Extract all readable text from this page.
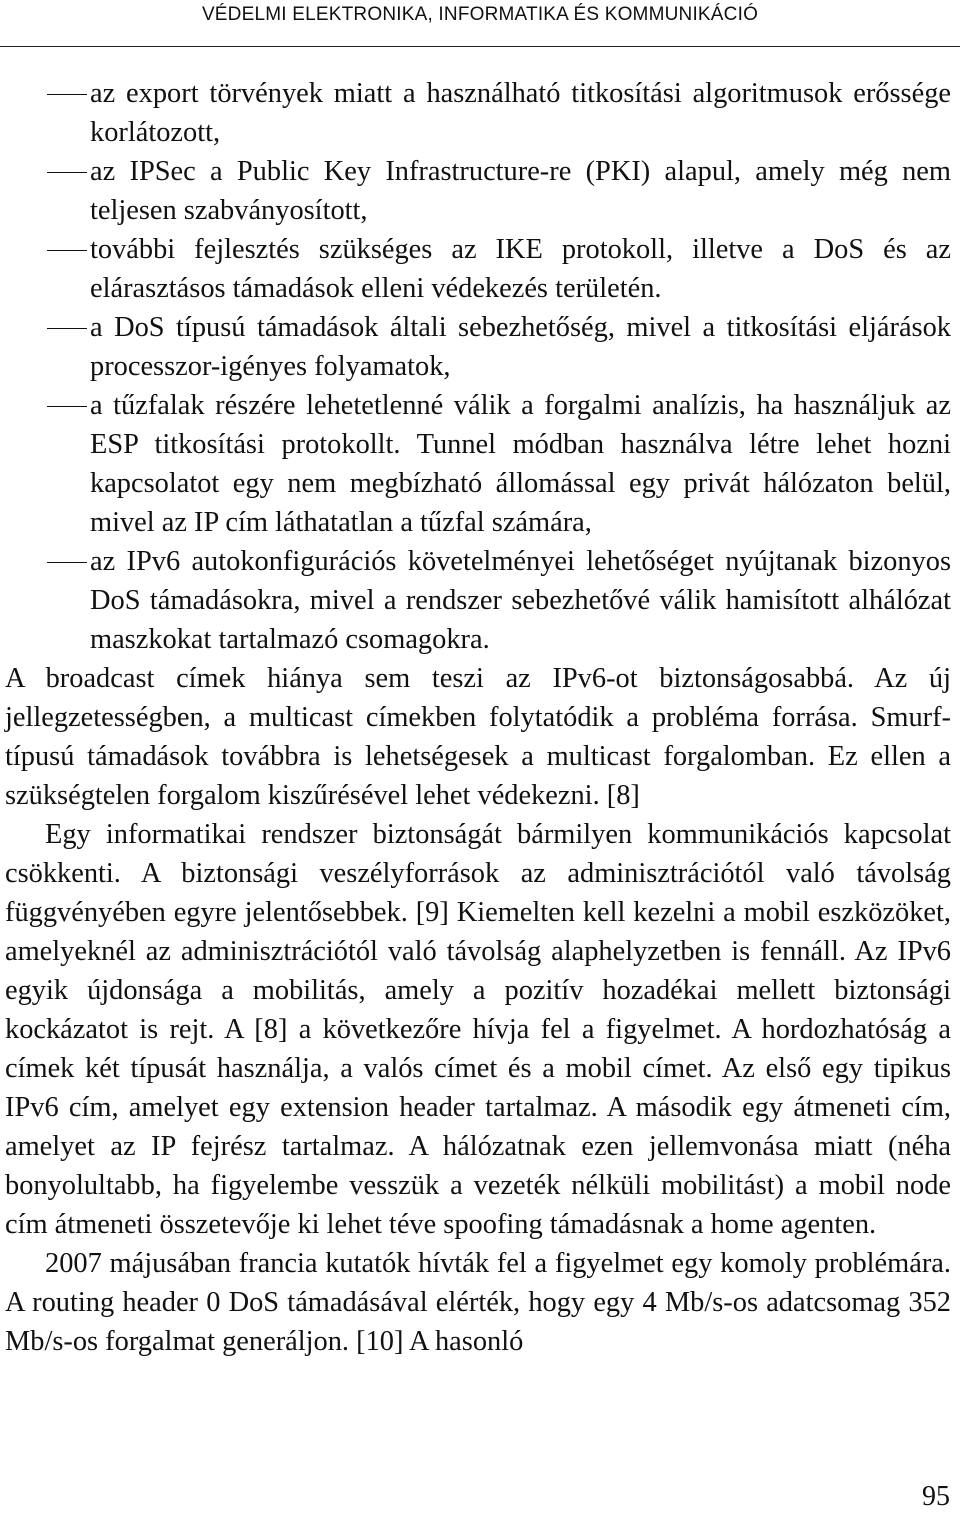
VÉDELMI ELEKTRONIKA, INFORMATIKA ÉS KOMMUNIKÁCIÓ
az export törvények miatt a használható titkosítási algoritmusok erőssége korlátozott,
az IPSec a Public Key Infrastructure-re (PKI) alapul, amely még nem teljesen szabványosított,
további fejlesztés szükséges az IKE protokoll, illetve a DoS és az elárasztásos támadások elleni védekezés területén.
a DoS típusú támadások általi sebezhetőség, mivel a titkosítási eljárások processzor-igényes folyamatok,
a tűzfalak részére lehetetlenné válik a forgalmi analízis, ha használjuk az ESP titkosítási protokollt. Tunnel módban használva létre lehet hozni kapcsolatot egy nem megbízható állomással egy privát hálózaton belül, mivel az IP cím láthatatlan a tűzfal számára,
az IPv6 autokonfigurációs követelményei lehetőséget nyújtanak bizonyos DoS támadásokra, mivel a rendszer sebezhetővé válik hamisított alhálózat maszkokat tartalmazó csomagokra.

A broadcast címek hiánya sem teszi az IPv6-ot biztonságosabbá. Az új jellegzetességben, a multicast címekben folytatódik a probléma forrása. Smurf-típusú támadások továbbra is lehetségesek a multicast forgalomban. Ez ellen a szükségtelen forgalom kiszűrésével lehet védekezni. [8]

Egy informatikai rendszer biztonságát bármilyen kommunikációs kapcsolat csökkenti. A biztonsági veszélyforrások az adminisztrációtól való távolság függvényében egyre jelentősebbek. [9] Kiemelten kell kezelni a mobil eszközöket, amelyeknél az adminisztrációtól való távolság alaphelyzetben is fennáll. Az IPv6 egyik újdonsága a mobilitás, amely a pozitív hozadékai mellett biztonsági kockázatot is rejt. A [8] a következőre hívja fel a figyelmet. A hordozhatóság a címek két típusát használja, a valós címet és a mobil címet. Az első egy tipikus IPv6 cím, amelyet egy extension header tartalmaz. A második egy átmeneti cím, amelyet az IP fejrész tartalmaz. A hálózatnak ezen jellemvonása miatt (néha bonyolultabb, ha figyelembe vesszük a vezeték nélküli mobilitást) a mobil node cím átmeneti összetevője ki lehet téve spoofing támadásnak a home agenten.

2007 májusában francia kutatók hívták fel a figyelmet egy komoly problémára. A routing header 0 DoS támadásával elérték, hogy egy 4 Mb/s-os adatcsomag 352 Mb/s-os forgalmat generáljon. [10] A hasonló

95
